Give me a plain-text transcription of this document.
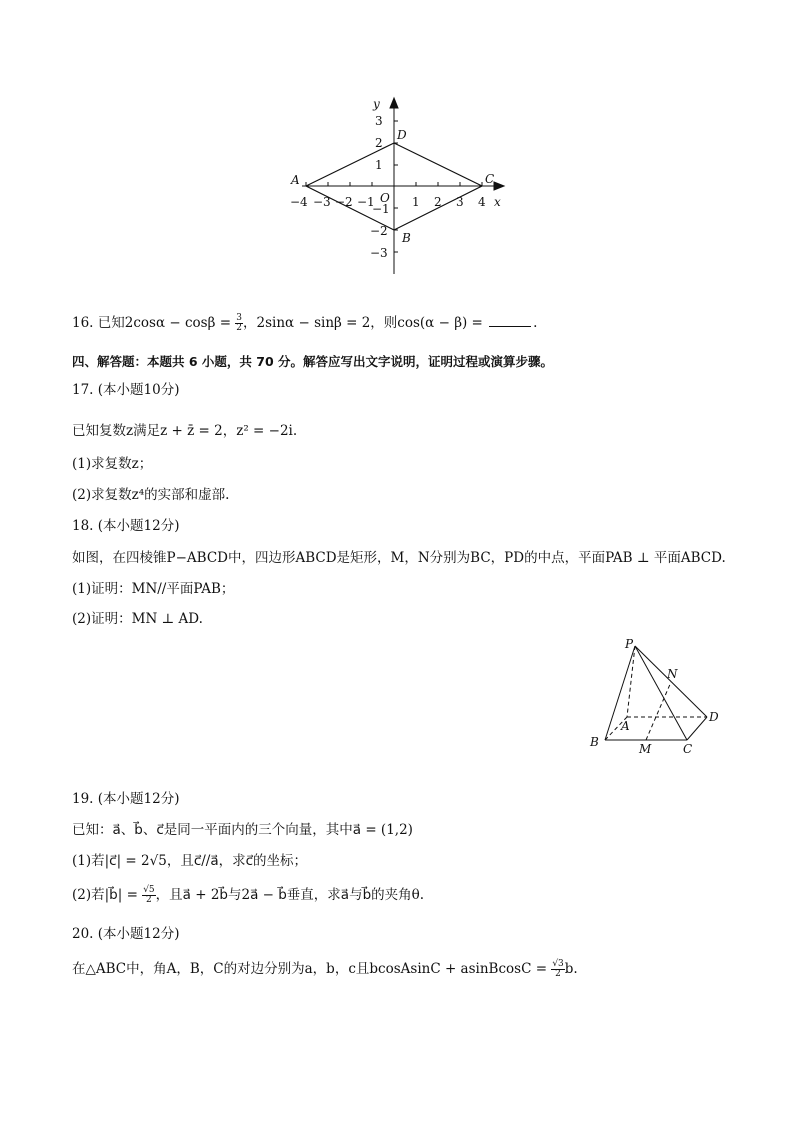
y
x
O
A
B
C
D
−4 −3 −2 −1	1 2 3 4
3
2
1
−1
−2
−3
16. 已知$2\cos\alpha - \cos\beta = \frac{3}{2}$ ，2sinα − sinβ = 2，则cos(α − β) =	.
四、解答题：本题共 6 小题，共 70 分。解答应写出文字说明，证明过程或演算步骤。
17. (本小题10分)
已知复数z满足z + z̄ = 2，z² = −2i.
(1)求复数z；
(2)求复数z⁴的实部和虚部.
18. (本小题12分)
如图，在四棱锥P−ABCD中，四边形ABCD是矩形，M，N分别为BC，PD的中点，平面PAB ⊥ 平面ABCD.
(1)证明：MN//平面PAB；
(2)证明：MN ⊥ AD.
P
N
A
D
B	M	C
19. (本小题12分)
已知：a⃗、b⃗、c⃗是同一平面内的三个向量，其中a⃗ = (1,2)
(1)若|c⃗| = 2√5，且c⃗//a⃗，求c⃗的坐标；
(2)若|b⃗| = $\frac{√5}{2}$ ，且a⃗ + 2b⃗与2a⃗ − b⃗垂直，求a⃗与b⃗的夹角θ.
20. (本小题12分)
在△ABC中，角A，B，C的对边分别为a，b，c且bcosAsinC + asinBcosC = $\frac{√3}{2} b$.
